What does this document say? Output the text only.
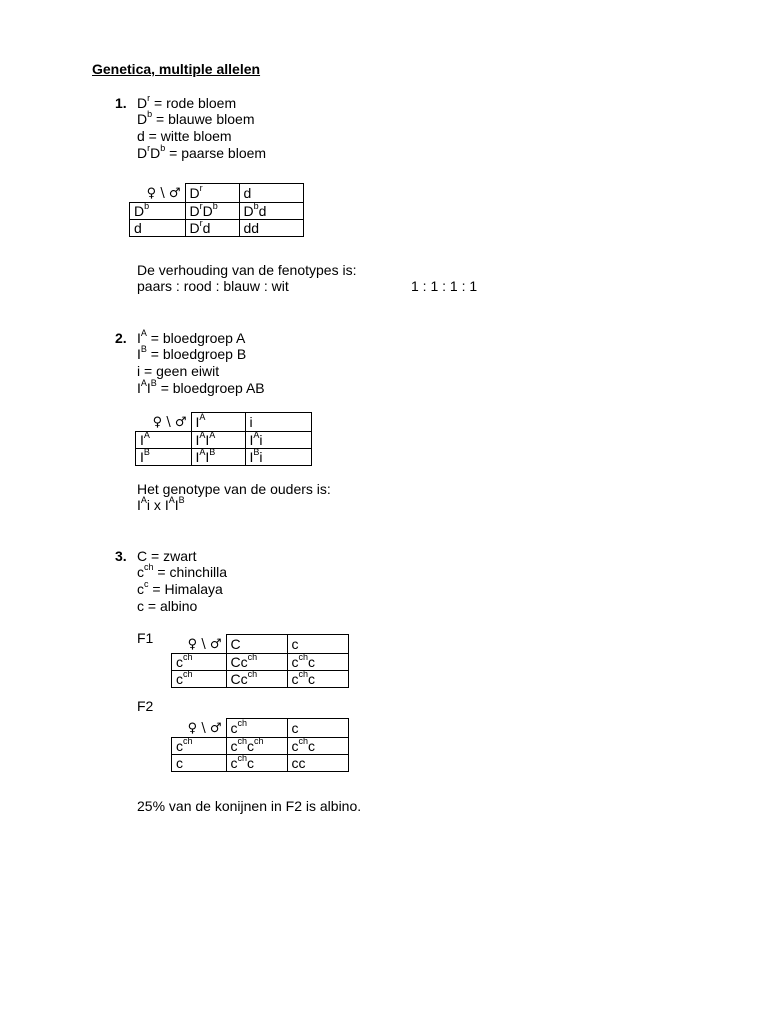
Genetica, multiple allelen
1. $D^r$ = rode bloem
$D^b$ = blauwe bloem
d = witte bloem
$D^rD^b$ = paarse bloem
♀ \ ♂	$D^r$	d
$D^b$	$D^rD^b$	$D^bd$
d	$D^rd$	dd
De verhouding van de fenotypes is:
paars : rood : blauw : wit	1 : 1 : 1 : 1
2. $I^A$ = bloedgroep A
$I^B$ = bloedgroep B
i = geen eiwit
$I^AI^B$ = bloedgroep AB
♀ \ ♂	$I^A$	i
$I^A$	$I^AI^A$	$I^Ai$
$I^B$	$I^AI^B$	$I^Bi$
Het genotype van de ouders is:
$I^Ai$ x $I^AI^B$
3. C = zwart
$c^{ch}$ = chinchilla
$c^c$ = Himalaya
c = albino
F1	♀ \ ♂	C	c
$c^{ch}$	$Cc^{ch}$	$c^{ch}c$
$c^{ch}$	$Cc^{ch}$	$c^{ch}c$
F2
♀ \ ♂	$c^{ch}$	c
$c^{ch}$	$c^{ch}c^{ch}$	$c^{ch}c$
c	$c^{ch}c$	cc
25% van de konijnen in F2 is albino.
